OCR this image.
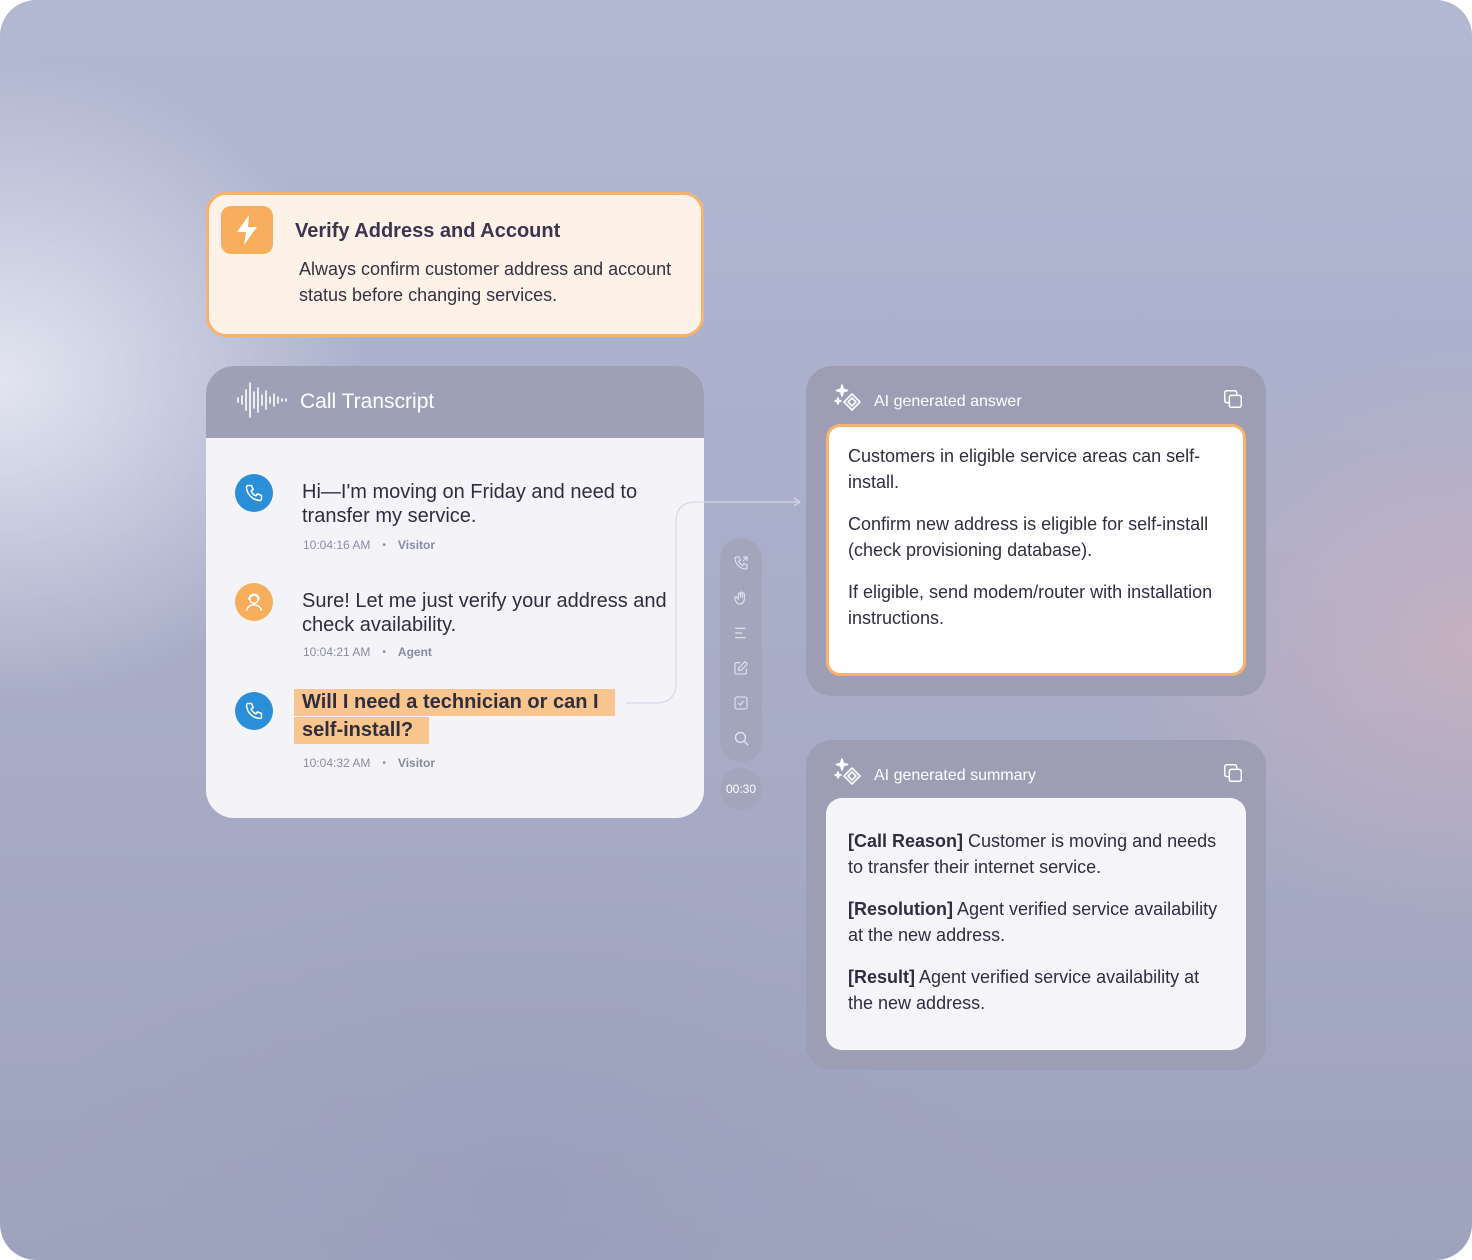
Verify Address and Account
Always confirm customer address and account status before changing services.
Call Transcript
Hi—I'm moving on Friday and need to transfer my service.
10:04:16 AM • Visitor
Sure! Let me just verify your address and check availability.
10:04:21 AM • Agent
Will I need a technician or can I
self-install?
10:04:32 AM • Visitor
00:30
AI generated answer

Customers in eligible service areas can self-install.

Confirm new address is eligible for self-install (check provisioning database).

If eligible, send modem/router with installation instructions.

AI generated summary

[Call Reason] Customer is moving and needs to transfer their internet service.

[Resolution] Agent verified service availability at the new address.

[Result] Agent verified service availability at the new address.
